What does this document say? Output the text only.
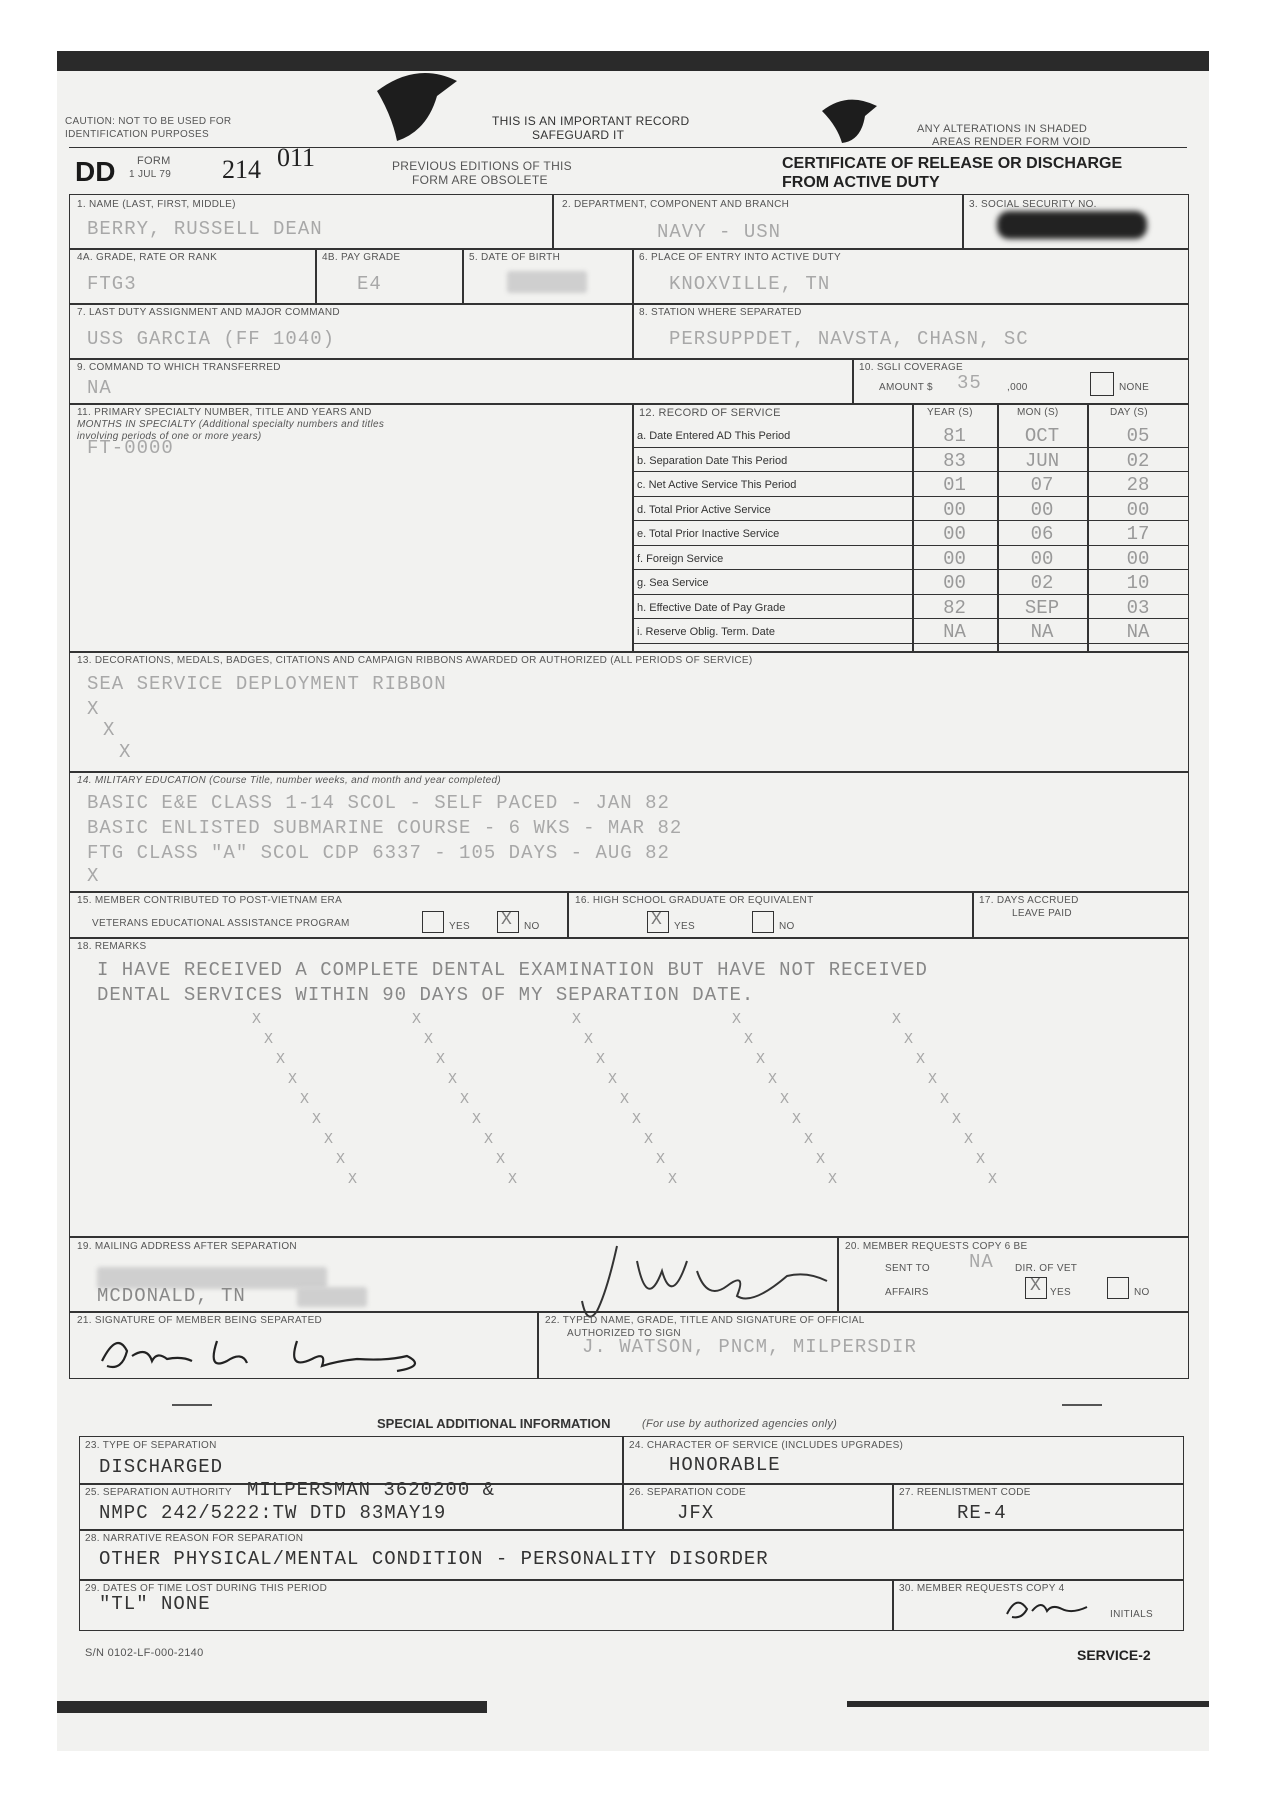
CAUTION: NOT TO BE USED FOR
IDENTIFICATION PURPOSES
THIS IS AN IMPORTANT RECORD
SAFEGUARD IT	ANY ALTERATIONS IN SHADED
AREAS RENDER FORM VOID
DD FORM
1 JUL 79 214 011	PREVIOUS EDITIONS OF THIS
FORM ARE OBSOLETE
CERTIFICATE OF RELEASE OR DISCHARGE
FROM ACTIVE DUTY
1. NAME (LAST, FIRST, MIDDLE)
BERRY, RUSSELL DEAN
2. DEPARTMENT, COMPONENT AND BRANCH
NAVY - USN
3. SOCIAL SECURITY NO.
4A. GRADE, RATE OR RANK
FTG3
4B. PAY GRADE
E4
5. DATE OF BIRTH	6. PLACE OF ENTRY INTO ACTIVE DUTY
KNOXVILLE, TN
7. LAST DUTY ASSIGNMENT AND MAJOR COMMAND
USS GARCIA (FF 1040)
8. STATION WHERE SEPARATED
PERSUPPDET, NAVSTA, CHASN, SC
9. COMMAND TO WHICH TRANSFERRED
NA
10. SGLI COVERAGE
AMOUNT $ 35	,000	NONE
11. PRIMARY SPECIALTY NUMBER, TITLE AND YEARS AND
MONTHS IN SPECIALTY (Additional specialty numbers and titles
involving periods of one or more years)
FT-0000
12. RECORD OF SERVICE	YEAR (S)	MON (S)	DAY (S)
a. Date Entered AD This Period	81	OCT	05
b. Separation Date This Period	83	JUN	02
c. Net Active Service This Period	01	07	28
d. Total Prior Active Service	00	00	00
e. Total Prior Inactive Service	00	06	17
f. Foreign Service	00	00	00
g. Sea Service	00	02	10
h. Effective Date of Pay Grade	82	SEP	03
i. Reserve Oblig. Term. Date	NA	NA	NA
13. DECORATIONS, MEDALS, BADGES, CITATIONS AND CAMPAIGN RIBBONS AWARDED OR AUTHORIZED (ALL PERIODS OF SERVICE)
SEA SERVICE DEPLOYMENT RIBBON
X
X
X
14. MILITARY EDUCATION (Course Title, number weeks, and month and year completed)
BASIC E&E CLASS 1-14 SCOL - SELF PACED - JAN 82
BASIC ENLISTED SUBMARINE COURSE - 6 WKS - MAR 82
FTG CLASS "A" SCOL CDP 6337 - 105 DAYS - AUG 82
X
15. MEMBER CONTRIBUTED TO POST-VIETNAM ERA
VETERANS EDUCATIONAL ASSISTANCE PROGRAM	YES X NO
16. HIGH SCHOOL GRADUATE OR EQUIVALENT
X YES	NO
17. DAYS ACCRUED
LEAVE PAID
18. REMARKS
I HAVE RECEIVED A COMPLETE DENTAL EXAMINATION BUT HAVE NOT RECEIVED
DENTAL SERVICES WITHIN 90 DAYS OF MY SEPARATION DATE.
X
X
X
X
X
X
X
X
X
X
X
X
X
X
X
X
X
X
X
X
X
X
X
X
X
X
X
X
X
X
X
X
X
X
X
X
X
X
X
X
X
X
X
X
X
19. MAILING ADDRESS AFTER SEPARATION
MCDONALD, TN
20. MEMBER REQUESTS COPY 6 BE
SENT TO NA DIR. OF VET
AFFAIRS	X YES	NO
21. SIGNATURE OF MEMBER BEING SEPARATED	22. TYPED NAME, GRADE, TITLE AND SIGNATURE OF OFFICIAL
AUTHORIZED TO SIGN
J. WATSON, PNCM, MILPERSDIR
SPECIAL ADDITIONAL INFORMATION	(For use by authorized agencies only)
23. TYPE OF SEPARATION
DISCHARGED
24. CHARACTER OF SERVICE (INCLUDES UPGRADES)
HONORABLE
25. SEPARATION AUTHORITY MILPERSMAN 3620200 &
NMPC 242/5222:TW DTD 83MAY19
26. SEPARATION CODE
JFX
27. REENLISTMENT CODE
RE-4
28. NARRATIVE REASON FOR SEPARATION
OTHER PHYSICAL/MENTAL CONDITION - PERSONALITY DISORDER
29. DATES OF TIME LOST DURING THIS PERIOD
"TL" NONE
30. MEMBER REQUESTS COPY 4
INITIALS
S/N 0102-LF-000-2140	SERVICE-2
